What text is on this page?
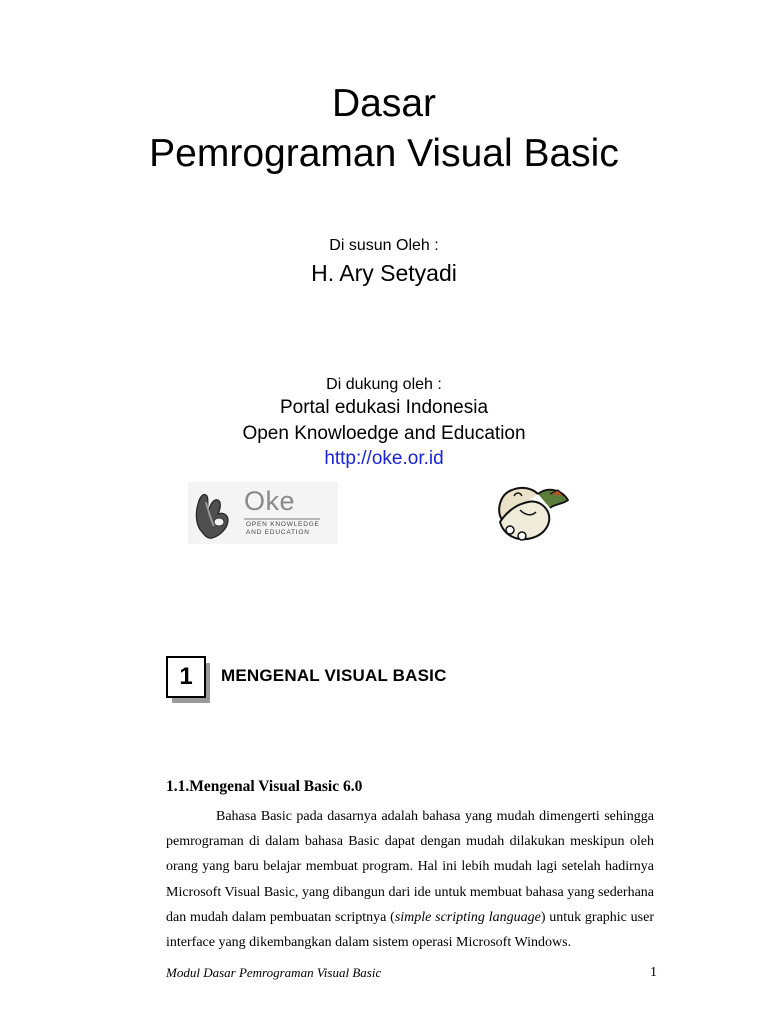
Dasar
Pemrograman Visual Basic
Di susun Oleh :
H. Ary Setyadi
Di dukung oleh :
Portal edukasi Indonesia
Open Knowloedge and Education
http://oke.or.id
Oke
OPEN KNOWLEDGE
AND EDUCATION
1	MENGENAL VISUAL BASIC
1.1.Mengenal Visual Basic 6.0
Bahasa Basic pada dasarnya adalah bahasa yang mudah dimengerti sehingga pemrograman di dalam bahasa Basic dapat dengan mudah dilakukan meskipun oleh orang yang baru belajar membuat program. Hal ini lebih mudah lagi setelah hadirnya Microsoft Visual Basic, yang dibangun dari ide untuk membuat bahasa yang sederhana dan mudah dalam pembuatan scriptnya (simple scripting language) untuk graphic user interface yang dikembangkan dalam sistem operasi Microsoft Windows.
Modul Dasar Pemrograman Visual Basic	1
